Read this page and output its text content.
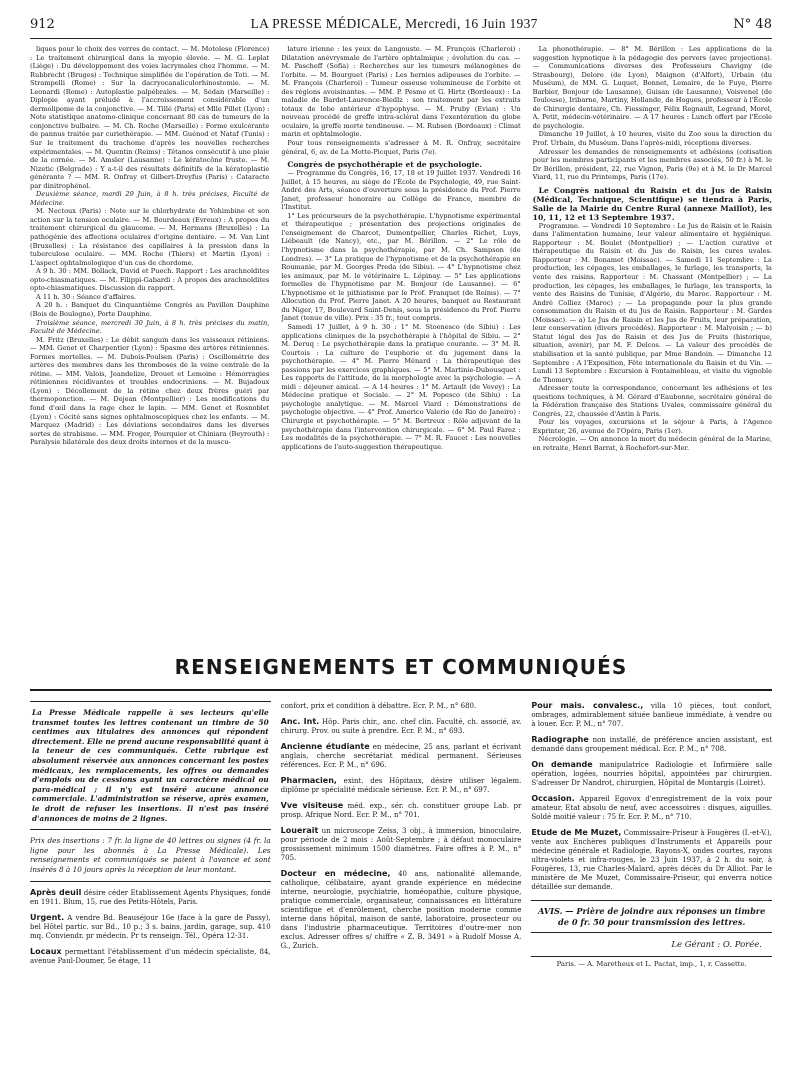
912	LA PRESSE MÉDICALE, Mercredi, 16 Juin 1937	N° 48

liques pour le choix des verres de contact. — M. Motolese (Florence) : Le traitement chirurgical dans la myopie élevée. — M. G. Leplat (Liège) : Du développement des voies lacrymales chez l'homme. — M. Rubbrecht (Bruges) : Technique simplifiée de l'opération de Toti. — M. Strampelli (Rome) : Sur la dacryocanaliculorhinostomie. — M. Leonardi (Rome) : Autoplastie palpébrales. — M. Sédan (Marseille) : Diplopie ayant préludé à l'accroissement considérable d'un dermolipome de la conjonctive. — M. Tillé (Paris) et Mlle Pillet (Lyon) : Note statistique anatomo-clinique concernant 80 cas de tumeurs de la conjonctive bulbaire. — M. Ch. Roche (Marseille) : Forme exulcérante de pannus traitée par curiethérapie. — MM. Guénod et Nataf (Tunis) : Sur le traitement du trachome d'après les nouvelles recherches expérimentales. — M. Quentin (Reims) : Tétanos consécutif à une plaie de la cornée. — M. Amsler (Lausanne) : Le kératocône fruste. — M. Nizetic (Belgrade) : Y a-t-il des résultats définitifs de la kératoplastie générante ? — MM. R. Onfray et Gilbert-Dreyfus (Paris) : Cataracte par dinitrophénol.

Deuxième séance, mardi 29 Juin, à 8 h. très précises, Faculté de Médecine.

M. Nectoux (Paris) : Note sur le chlorhydrate de Yohimbine et son action sur la tension oculaire. — M. Bourdeaux (Evreux) : A propos du traitement chirurgical du glaucome. — M. Hermans (Bruxelles) : La pathogénie des affections oculaires d'origine dentaire. — M. Van Lint (Bruxelles) : La résistance des capillaires à la pression dans la tuberculose oculaire. — MM. Roche (Thiers) et Martin (Lyon) : L'aspect ophtalmologique d'un cas de chordome.

A 9 h. 30 : MM. Bollack, David et Puech. Rapport : Les arachnoïdites opto-chiasmatiques. — M. Filippi-Gabardi : A propos des arachnoïdites opto-chiasmatiques. Discussion du rapport.

A 11 h. 30 : Séance d'affaires.

A 20 h. : Banquet du Cinquantième Congrès au Pavillon Dauphine (Bois de Boulogne), Porte Dauphine.

Troisième séance, mercredi 30 Juin, à 8 h. très précises du matin, Faculté de Médecine.

M. Fritz (Bruxelles) : Le débit sanguin dans les vaisseaux rétiniens. — MM. Genet et Charpentier (Lyon) : Spasme des artères rétiniennes. Formes mortelles. — M. Dubois-Poulsen (Paris) : Oscillométrie des artères des membres dans les thromboses de la veine centrale de la rétine. — MM. Valois, Jeandelize, Drouet et Lemoine : Hémorragies rétiniennes récidivantes et troubles endocriniens. — M. Bujadoux (Lyon) : Décollement de la rétine chez deux frères guéri par thermoponction. — M. Dejean (Montpellier) : Les modifications du fond d'œil dans la rage chez le lapin. — MM. Genet et Rosnoblet (Lyon) : Cécité sans signes ophtalmoscopiques chez les enfants. — M. Marquez (Madrid) : Les déviations secondaires dans les diverses sortes de strabisme. — MM. Froger, Pourquier et Chiniara (Beyrouth) : Paralysie bilatérale des deux droits internes et de la muscu-

lature irienne : les yeux de Langouste. — M. François (Charleroi) : Dilatation anévrysmale de l'artère ophtalmique ; évolution du cas. — M. Pascheff (Sofia) : Recherches sur les tumeurs mélanogènes de l'orbite. — M. Bourguet (Paris) : Les hernies adipeuses de l'orbite. — M. François (Charleroi) : Tumeur osseuse volumineuse de l'orbite et des régions avoisinantes. — MM. P. Pesme et G. Hirtz (Bordeaux) : La maladie de Bardet-Laurence-Biedlz : son traitement par les extraits totaux de lobe antérieur d'hypophyse. — M. Pruby (Evian) : Un nouveau procédé de greffe intra-scléral dans l'exentération du globe oculaire, la greffe morte tendineuse. — M. Rubsen (Bordeaux) : Climat marin et ophtalmologie.

Pour tous renseignements s'adresser à M. R. Onfray, secrétaire général, 6, av. de La Motte-Picquet, Paris (7e).

Congrès de psychothérapie et de psychologie.

— Programme du Congrès, 16, 17, 18 et 19 Juillet 1937. Vendredi 16 Juillet, à 15 heures, au siège de l'École de Psychologie, 49, rue Saint-André des Arts, séance d'ouverture sous la présidence du Prof. Pierre Janet, professeur honoraire au Collège de France, membre de l'Institut.

1° Les précurseurs de la psychothérapie. L'hypnotisme expérimental et thérapeutique ; présentation des projections originales de l'enseignement de Charcot, Dumontpellier, Charles Richet, Luys, Liébeault (de Nancy), etc., par M. Bérillon. — 2° Le rôle de l'hypnotisme dans la psychothérapie, par M. Ch. Sampson (de Londres). — 3° La pratique de l'hypnotisme et de la psychothérapie en Roumanie, par M. Georges Preda (de Sibiu). — 4° L'hypnotisme chez les animaux, par M. le vétérinaire L. Lépinay. — 5° Les applications formelles de l'hypnotisme par M. Bonjour (de Lausanne). — 6° L'hypnotisme et le pithiatisme par le Prof. Franquet (de Reims). — 7° Allocution du Prof. Pierre Janet. A 20 heures, banquet au Restaurant du Niger, 17, Boulevard Saint-Denis, sous la présidence du Prof. Pierre Janet (tenue de ville). Prix : 35 fr., tout compris.

Samedi 17 Juillet, à 9 h. 30 : 1° M. Stoenesco (de Sibiu) : Les applications cliniques de la psychothérapie à l'hôpital de Sibiu. — 2° M. Deruq : Le psychothérapie dans la pratique courante. — 3° M. R. Courtois : La culture de l'euphorie et du jugement dans la psychothérapie. — 4° M. Pierre Ménard : La thérapeutique des passions par les exercices graphiques. — 5° M. Martinie-Dubousquet : Les rapports de l'attitude, de la morphologie avec la psychologie. — A midi : déjeuner amical. — A 14 heures : 1° M. Artault (de Vevey) : La Médecine pratique et Sociale. — 2° M. Popesco (de Sibiu) : La psychologie analytique. — M. Marcel Viard : Démonstrations de psychologie objective. — 4° Prof. Americo Valerio (de Rio de Janeiro) : Chirurgie et psychothérapie. — 5° M. Bertreux : Rôle adjuvant de la psychothérapie dans l'intervention chirurgicale. — 6° M. Paul Farez : Les modalités de la psychothérapie. — 7° M. R. Faucet : Les nouvelles applications de l'auto-suggestion thérapeutique.

La phonothérapie. — 8° M. Bérillon : Les applications de la suggestion hypnotique à la pédagogie des pervers (avec projections). — Communications diverses des Professeurs Chavigny (de Strasbourg), Delore (de Lyon), Maignon (d'Alfort), Urbain (du Muséum), de MM. G. Luquet, Bonnet, Lemaire, de le Fuye, Pierre Barbier, Bonjour (de Lausanne), Guisan (de Lausanne), Voisvenel (de Toulouse), Iribarne, Martiny, Hollande, de Hogues, professeur à l'École de Chirurgie dentaire, Ch. Fiessinger, Félix Regnault, Legrand, Morel, A. Petit, médecin-vétérinaire. — A 17 heures : Lunch offert par l'École de psychologie.

Dimanche 19 Juillet, à 10 heures, visite du Zoo sous la direction du Prof. Urbain, du Muséum. Dans l'après-midi, réceptions diverses.

Adresser les demandes de renseignements et adhésions (cotisation pour les membres participants et les membres associés, 50 fr.) à M. le Dr Bérillon, président, 22, rue Vignon, Paris (9e) et à M. le Dr Marcel Viard, 11, rue du Printemps, Paris (17e).

Le Congrès national du Raisin et du Jus de Raisin (Médical, Technique, Scientifique) se tiendra à Paris, Salle de la Mairie du Centre Rural (annexe Maillot), les 10, 11, 12 et 13 Septembre 1937.

Programme. — Vendredi 10 Septembre : Le Jus de Raisin et le Raisin dans l'alimentation humaine, leur valeur alimentaire et hygiénique. Rapporteur : M. Boulet (Montpellier) ; — L'action curative et thérapeutique du Raisin et du Jus de Raisin, les cures uvales. Rapporteur : M. Bonamet (Moissac). — Samedi 11 Septembre : La production, les cépages, les emballages, le furlage, les transports, la vente des raisins. Rapporteur : M. Chassant (Montpellier) ; — La production, les cépages, les emballages, le furlage, les transports, la vente des Raisins de Tunisie, d'Algérie, du Maroc. Rapporteur : M. André Colliez (Maroc) ; — La propagande pour la plus grande consommation du Raisin et du Jus de Raisin. Rapporteur : M. Gardes (Moissac). — a) Le Jus de Raisin et les Jus de Fruits, leur préparation, leur conservation (divers procédés). Rapporteur : M. Malvoisin ; — b) Statut légal des Jus de Raisin et des Jus de Fruits (historique, situation, avenir), par M. F. Delcos. — La valeur des procédés de stabilisation et la santé publique, par Mme Bandoin. — Dimanche 12 Septembre : A l'Exposition, Fête internationale du Raisin et du Vin. — Lundi 13 Septembre : Excursion à Fontainebleau, et visite du vignoble de Thomery.

Adresser toute la correspondance, concernant les adhésions et les questions techniques, à M. Gérard d'Eaubonne, secrétaire général de la Fédération française des Stations Uvales, commissaire général du Congrès, 22, chaussée d'Antin à Paris.

Pour les voyages, excursions et le séjour à Paris, à l'Agence Exprinter, 26, avenue de l'Opéra, Paris (1er).

Nécrologie. — On annonce la mort du médecin général de la Marine, en retraite, Henri Barrat, à Rochefort-sur-Mer.

RENSEIGNEMENTS ET COMMUNIQUÉS
La Presse Médicale rappelle à ses lecteurs qu'elle transmet toutes les lettres contenant un timbre de 50 centimes aux titulaires des annonces qui répondent directement. Elle ne prend aucune responsabilité quant à la teneur de ces communiqués. Cette rubrique est absolument réservée aux annonces concernant les postes médicaux, les remplacements, les offres ou demandes d'emplois ou de cessions ayant un caractère médical ou para-médical ; il n'y est inséré aucune annonce commerciale. L'administration se réserve, après examen, le droit de refuser les insertions. Il n'est pas inséré d'annonces de moins de 2 lignes.
Prix des insertions : 7 fr. la ligne de 40 lettres ou signes (4 fr. la ligne pour les abonnés à La Presse Médicale). Les renseignements et communiqués se paient à l'avance et sont insérés 8 à 10 jours après la réception de leur montant.
Après deuil désire céder Etablissement Agents Physiques, fondé en 1911. Blum, 15, rue des Petits-Hôtels, Paris.
Urgent. A vendre Bd. Beauséjour 16e (face à la gare de Passy), bel Hôtel partic. sur Bd., 10 p.; 3 s. bains, jardin, garage, sup. 410 mq. Conviendr. pr médecin. Pr ts renseign. Tél., Opéra 12-31.
Locaux permettant l'établissement d'un médecin spécialiste, 84, avenue Paul-Doumer, 5e étage, 11
confort, prix et condition à débattre. Ecr. P. M., n° 680.
Anc. Int. Hôp. Paris chir., anc. chef clin. Faculté, ch. associé, av. chirurg. Prov. ou suite à prendre. Ecr. P. M., n° 693.
Ancienne étudiante en médecine, 25 ans, parlant et écrivant anglais, cherche secrétariat médical permanent. Sérieuses références. Ecr. P. M., n° 696.
Pharmacien, exint. des Hôpitaux, désire utiliser légalem. diplôme pr spécialité médicale sérieuse. Ecr. P. M., n° 697.
Vve visiteuse méd. exp., sér. ch. constituer groupe Lab. pr prosp. Afrique Nord. Ecr. P. M., n° 701.
Louerait un microscope Zeiss, 3 obj., à immersion, binoculaire, pour période de 2 mois : Août-Septembre ; à défaut monoculaire grossissement minimum 1500 diamètres. Faire offres à P. M., n° 705.
Docteur en médecine, 40 ans, nationalité allemande, catholique, célibataire, ayant grande expérience en médecine interne, neurologie, psychiatrie, homéopathie, culture physique, pratique commerciale, organisateur, connaissances en littérature scientifique et d'enrôlement, cherche position moderne comme interne dans hôpital, maison de santé, laboratoire, prosecteur ou dans l'industrie pharmaceutique. Territoires d'outre-mer non exclus. Adresser offres s/ chiffre « Z. B. 3491 » à Rudolf Mosse A. G., Zurich.
Pour mais. convalesc., villa 10 pièces, tout confort, ombrages, admirablement située banlieue immédiate, à vendre ou à louer. Ecr. P. M., n° 707.
Radiographe non installé, de préférence ancien assistant, est demandé dans groupement médical. Ecr. P. M., n° 708.
On demande manipulatrice Radiologie et Infirmière salle opération, logées, nourries hôpital, appointées par chirurgien. S'adresser Dr Nandrot, chirurgien, Hôpital de Montargis (Loiret).
Occasion. Appareil Egovox d'enregistrement de la voix pour amateur. Etat absolu de neuf, avec accessoires : disques, aiguilles. Soldé moitié valeur : 75 fr. Ecr. P. M., n° 710.
Etude de Me Muzet, Commissaire-Priseur à Fougères (I.-et-V.), vente aux Enchères publiques d'Instruments et Appareils pour médecine générale et Radiologie, Rayons-X, ondes courtes, rayons ultra-violets et infra-rouges, le 23 Juin 1937, à 2 h. du soir, à Fougères, 13, rue Charles-Malard, après décès du Dr Alliot. Par le ministère de Me Muzet, Commissaire-Priseur, qui enverra notice détaillée sur demande.
AVIS. — Prière de joindre aux réponses un timbre de 0 fr. 50 pour transmission des lettres.
Le Gérant : O. Porée.
Paris. — A. Maretheux et L. Pactat, imp., 1, r. Cassette.
